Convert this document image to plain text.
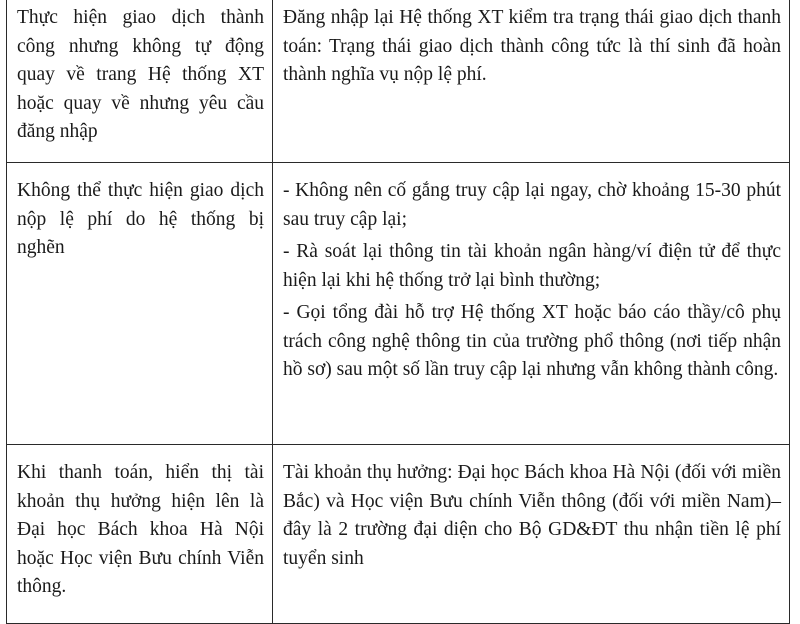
Thực hiện giao dịch thành công nhưng không tự động quay về trang Hệ thống XT hoặc quay về nhưng yêu cầu đăng nhập	Đăng nhập lại Hệ thống XT kiểm tra trạng thái giao dịch thanh toán: Trạng thái giao dịch thành công tức là thí sinh đã hoàn thành nghĩa vụ nộp lệ phí.

Không thể thực hiện giao dịch nộp lệ phí do hệ thống bị nghẽn	- Không nên cố gắng truy cập lại ngay, chờ khoảng 15-30 phút sau truy cập lại;
- Rà soát lại thông tin tài khoản ngân hàng/ví điện tử để thực hiện lại khi hệ thống trở lại bình thường;
- Gọi tổng đài hỗ trợ Hệ thống XT hoặc báo cáo thầy/cô phụ trách công nghệ thông tin của trường phổ thông (nơi tiếp nhận hồ sơ) sau một số lần truy cập lại nhưng vẫn không thành công.

Khi thanh toán, hiển thị tài khoản thụ hưởng hiện lên là Đại học Bách khoa Hà Nội hoặc Học viện Bưu chính Viễn thông.	Tài khoản thụ hưởng: Đại học Bách khoa Hà Nội (đối với miền Bắc) và Học viện Bưu chính Viễn thông (đối với miền Nam)– đây là 2 trường đại diện cho Bộ GD&ĐT thu nhận tiền lệ phí tuyển sinh
